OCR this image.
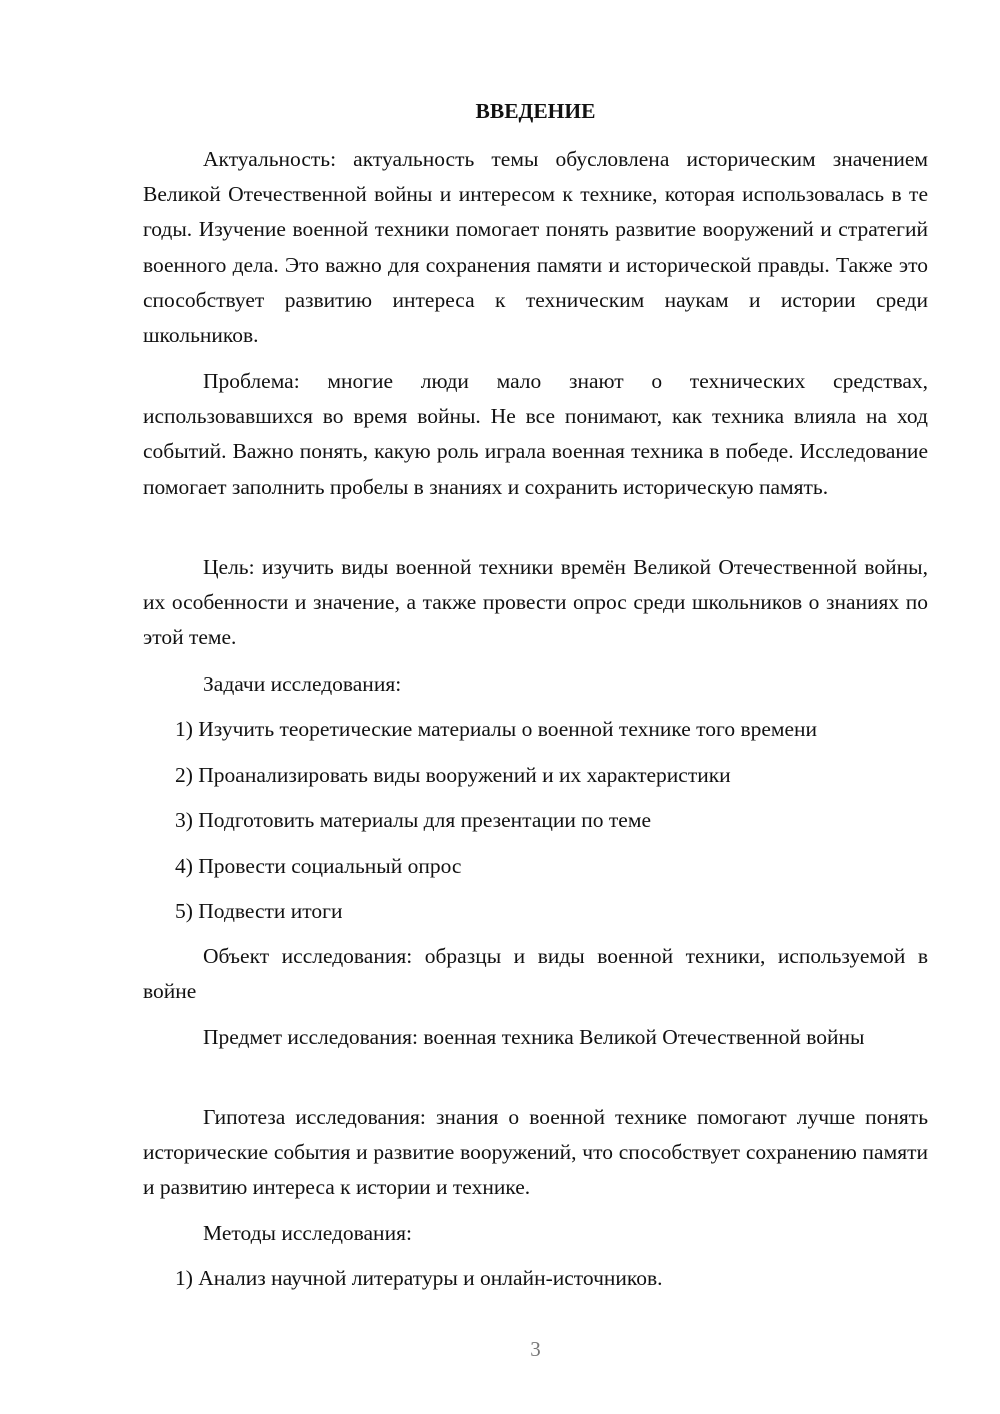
ВВЕДЕНИЕ

Актуальность: актуальность темы обусловлена историческим значением Великой Отечественной войны и интересом к технике, которая использовалась в те годы. Изучение военной техники помогает понять развитие вооружений и стратегий военного дела. Это важно для сохранения памяти и исторической правды. Также это способствует развитию интереса к техническим наукам и истории среди школьников.

Проблема: многие люди мало знают о технических средствах, использовавшихся во время войны. Не все понимают, как техника влияла на ход событий. Важно понять, какую роль играла военная техника в победе. Исследование помогает заполнить пробелы в знаниях и сохранить историческую память.

Цель: изучить виды военной техники времён Великой Отечественной войны, их особенности и значение, а также провести опрос среди школьников о знаниях по этой теме.

Задачи исследования:

1) Изучить теоретические материалы о военной технике того времени

2) Проанализировать виды вооружений и их характеристики

3) Подготовить материалы для презентации по теме

4) Провести социальный опрос

5) Подвести итоги

Объект исследования: образцы и виды военной техники, используемой в войне

Предмет исследования: военная техника Великой Отечественной войны

Гипотеза исследования: знания о военной технике помогают лучше понять исторические события и развитие вооружений, что способствует сохранению памяти и развитию интереса к истории и технике.

Методы исследования:

1) Анализ научной литературы и онлайн-источников.

3
